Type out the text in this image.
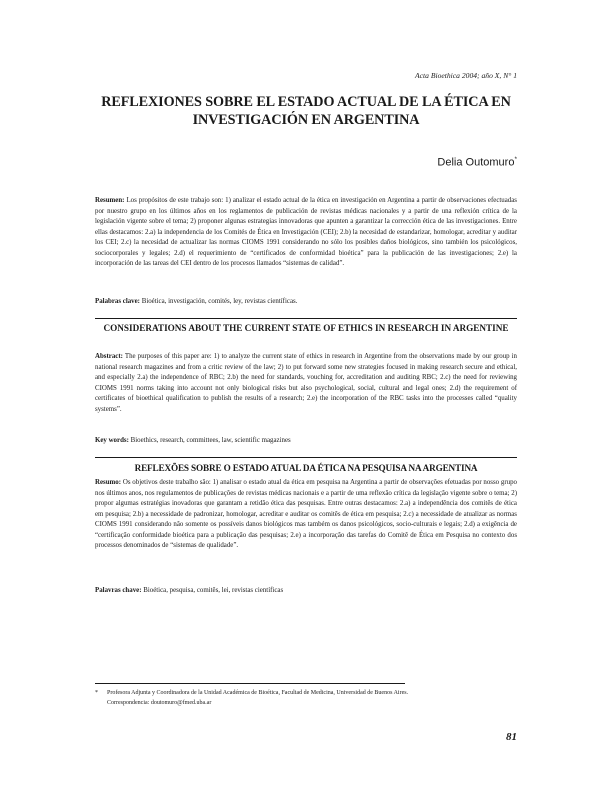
Acta Bioethica 2004; año X, N° 1
REFLEXIONES SOBRE EL ESTADO ACTUAL DE LA ÉTICA EN INVESTIGACIÓN EN ARGENTINA
Delia Outomuro*

Resumen: Los propósitos de este trabajo son: 1) analizar el estado actual de la ética en investigación en Argentina a partir de observaciones efectuadas por nuestro grupo en los últimos años en los reglamentos de publicación de revistas médicas nacionales y a partir de una reflexión crítica de la legislación vigente sobre el tema; 2) proponer algunas estrategias innovadoras que apunten a garantizar la corrección ética de las investigaciones. Entre ellas destacamos: 2.a) la independencia de los Comités de Ética en Investigación (CEI); 2.b) la necesidad de estandarizar, homologar, acreditar y auditar los CEI; 2.c) la necesidad de actualizar las normas CIOMS 1991 considerando no sólo los posibles daños biológicos, sino también los psicológicos, sociocorporales y legales; 2.d) el requerimiento de “certificados de conformidad bioética” para la publicación de las investigaciones; 2.e) la incorporación de las tareas del CEI dentro de los procesos llamados “sistemas de calidad”.

Palabras clave: Bioética, investigación, comités, ley, revistas científicas.

CONSIDERATIONS ABOUT THE CURRENT STATE OF ETHICS IN RESEARCH IN ARGENTINE

Abstract: The purposes of this paper are: 1) to analyze the current state of ethics in research in Argentine from the observations made by our group in national research magazines and from a critic review of the law; 2) to put forward some new strategies focused in making research secure and ethical, and especially 2.a) the independence of RBC; 2.b) the need for standards, vouching for, accreditation and auditing RBC; 2.c) the need for reviewing CIOMS 1991 norms taking into account not only biological risks but also psychological, social, cultural and legal ones; 2.d) the requirement of certificates of bioethical qualification to publish the results of a research; 2.e) the incorporation of the RBC tasks into the processes called “quality systems”.

Key words: Bioethics, research, committees, law, scientific magazines

REFLEXÕES SOBRE O ESTADO ATUAL DA ÉTICA NA PESQUISA NA ARGENTINA

Resumo: Os objetivos deste trabalho são: 1) analisar o estado atual da ética em pesquisa na Argentina a partir de observações efetuadas por nosso grupo nos últimos anos, nos regulamentos de publicações de revistas médicas nacionais e a partir de uma reflexão crítica da legislação vigente sobre o tema; 2) propor algumas estratégias inovadoras que garantam a retidão ética das pesquisas. Entre outras destacamos: 2.a) a independência dos comitês de ética em pesquisa; 2.b) a necessidade de padronizar, homologar, acreditar e auditar os comitês de ética em pesquisa; 2.c) a necessidade de atualizar as normas CIOMS 1991 considerando não somente os possíveis danos biológicos mas também os danos psicológicos, socio-culturais e legais; 2.d) a exigência de “certificação conformidade bioética para a publicação das pesquisas; 2.e) a incorporação das tarefas do Comitê de Ética em Pesquisa no contexto dos processos denominados de “sistemas de qualidade”.

Palavras chave: Bioética, pesquisa, comitês, lei, revistas científicas

* Profesora Adjunta y Coordinadora de la Unidad Académica de Bioética, Facultad de Medicina, Universidad de Buenos Aires.
Correspondencia: doutomuro@fmed.uba.ar
81
